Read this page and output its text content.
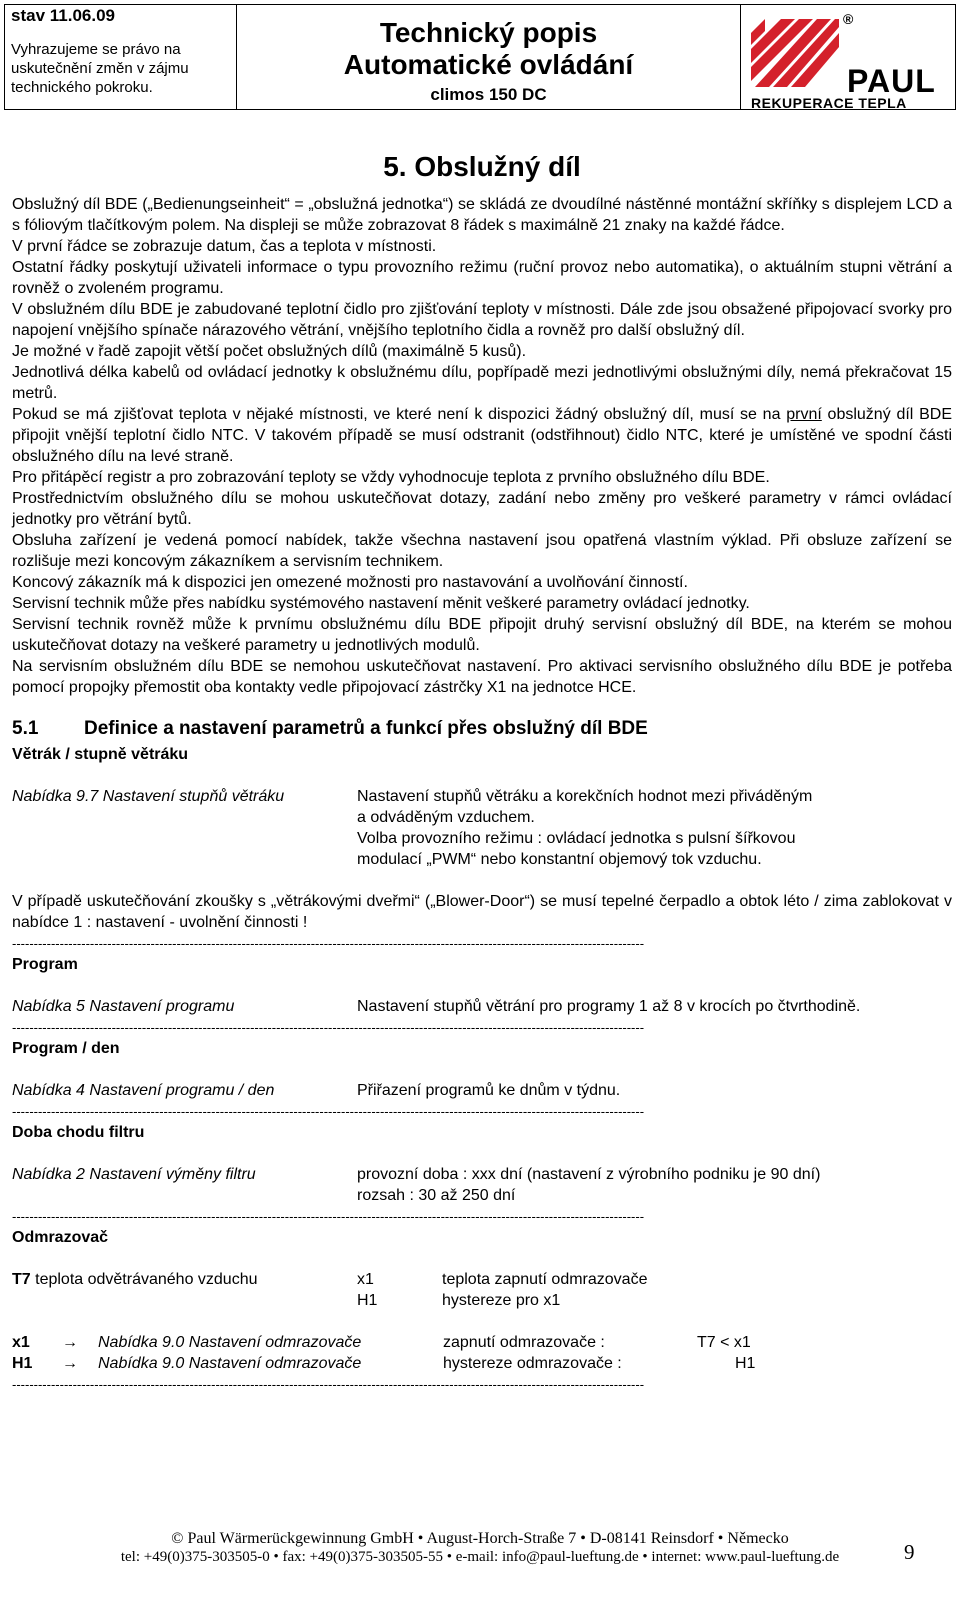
stav 11.06.09
Vyhrazujeme se právo na
uskutečnění změn v zájmu
technického pokroku.
Technický popis
Automatické ovládání
climos 150 DC
®
PAUL
REKUPERACE TEPLA
5. Obslužný díl

Obslužný díl BDE („Bedienungseinheit“ = „obslužná jednotka“) se skládá ze dvoudílné nástěnné montážní skříňky s displejem LCD a s fóliovým tlačítkovým polem. Na displeji se může zobrazovat 8 řádek s maximálně 21 znaky na každé řádce.

V první řádce se zobrazuje datum, čas a teplota v místnosti.

Ostatní řádky poskytují uživateli informace o typu provozního režimu (ruční provoz nebo automatika), o aktuálním stupni větrání a rovněž o zvoleném programu.

V obslužném dílu BDE je zabudované teplotní čidlo pro zjišťování teploty v místnosti. Dále zde jsou obsažené připojovací svorky pro napojení vnějšího spínače nárazového větrání, vnějšího teplotního čidla a rovněž pro další obslužný díl.

Je možné v řadě zapojit větší počet obslužných dílů (maximálně 5 kusů).

Jednotlivá délka kabelů od ovládací jednotky k obslužnému dílu, popřípadě mezi jednotlivými obslužnými díly, nemá překračovat 15 metrů.

Pokud se má zjišťovat teplota v nějaké místnosti, ve které není k dispozici žádný obslužný díl, musí se na první obslužný díl BDE připojit vnější teplotní čidlo NTC. V takovém případě se musí odstranit (odstřihnout) čidlo NTC, které je umístěné ve spodní části obslužného dílu na levé straně.

Pro přitápěcí registr a pro zobrazování teploty se vždy vyhodnocuje teplota z prvního obslužného dílu BDE.

Prostřednictvím obslužného dílu se mohou uskutečňovat dotazy, zadání nebo změny pro veškeré parametry v rámci ovládací jednotky pro větrání bytů.

Obsluha zařízení je vedená pomocí nabídek, takže všechna nastavení jsou opatřená vlastním výklad. Při obsluze zařízení se rozlišuje mezi koncovým zákazníkem a servisním technikem.

Koncový zákazník má k dispozici jen omezené možnosti pro nastavování a uvolňování činností.

Servisní technik může přes nabídku systémového nastavení měnit veškeré parametry ovládací jednotky.

Servisní technik rovněž může k prvnímu obslužnému dílu BDE připojit druhý servisní obslužný díl BDE, na kterém se mohou uskutečňovat dotazy na veškeré parametry u jednotlivých modulů.

Na servisním obslužném dílu BDE se nemohou uskutečňovat nastavení. Pro aktivaci servisního obslužného dílu BDE je potřeba pomocí propojky přemostit oba kontakty vedle připojovací zástrčky X1 na jednotce HCE.

5.1 Definice a nastavení parametrů a funkcí přes obslužný díl BDE

Větrák / stupně větráku

Nabídka 9.7 Nastavení stupňů větráku	Nastavení stupňů větráku a korekčních hodnot mezi přiváděným
a odváděným vzduchem.
Volba provozního režimu : ovládací jednotka s pulsní šířkovou
modulací „PWM“ nebo konstantní objemový tok vzduchu.

V případě uskutečňování zkoušky s „větrákovými dveřmi“ („Blower-Door“) se musí tepelné čerpadlo a obtok léto / zima zablokovat v nabídce 1 : nastavení - uvolnění činnosti !

--------------------------------------------------------------------------------------------------------------------------------------------------

Program

Nabídka 5 Nastavení programu	Nastavení stupňů větrání pro programy 1 až 8 v krocích po čtvrthodině.
--------------------------------------------------------------------------------------------------------------------------------------------------

Program / den

Nabídka 4 Nastavení programu / den	Přiřazení programů ke dnům v týdnu.
--------------------------------------------------------------------------------------------------------------------------------------------------

Doba chodu filtru

Nabídka 2 Nastavení výměny filtru	provozní doba : xxx dní (nastavení z výrobního podniku je 90 dní)
rozsah : 30 až 250 dní
--------------------------------------------------------------------------------------------------------------------------------------------------

Odmrazovač

T7 teplota odvětrávaného vzduchu	x1	teplota zapnutí odmrazovače
H1	hystereze pro x1
x1 → Nabídka 9.0 Nastavení odmrazovače	zapnutí odmrazovače :	T7 < x1
H1 → Nabídka 9.0 Nastavení odmrazovače	hystereze odmrazovače :	H1
--------------------------------------------------------------------------------------------------------------------------------------------------
© Paul Wärmerückgewinnung GmbH • August-Horch-Straße 7 • D-08141 Reinsdorf • Německo
tel: +49(0)375-303505-0 • fax: +49(0)375-303505-55 • e-mail: info@paul-lueftung.de • internet: www.paul-lueftung.de	9
